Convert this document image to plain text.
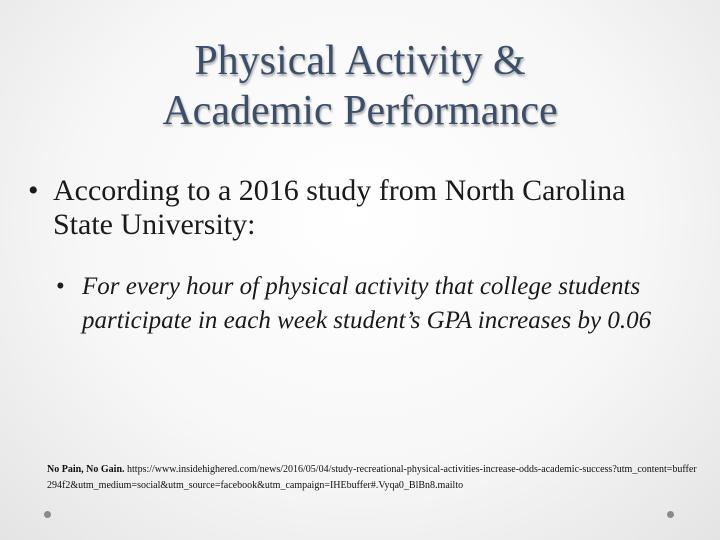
Physical Activity &
Academic Performance
• According to a 2016 study from North Carolina State University:
• For every hour of physical activity that college students participate in each week student’s GPA increases by 0.06
No Pain, No Gain. https://www.insidehighered.com/news/2016/05/04/study-recreational-physical-activities-increase-odds-academic-success?utm_content=buffer294f2&utm_medium=social&utm_source=facebook&utm_campaign=IHEbuffer#.Vyqa0_BlBn8.mailto
